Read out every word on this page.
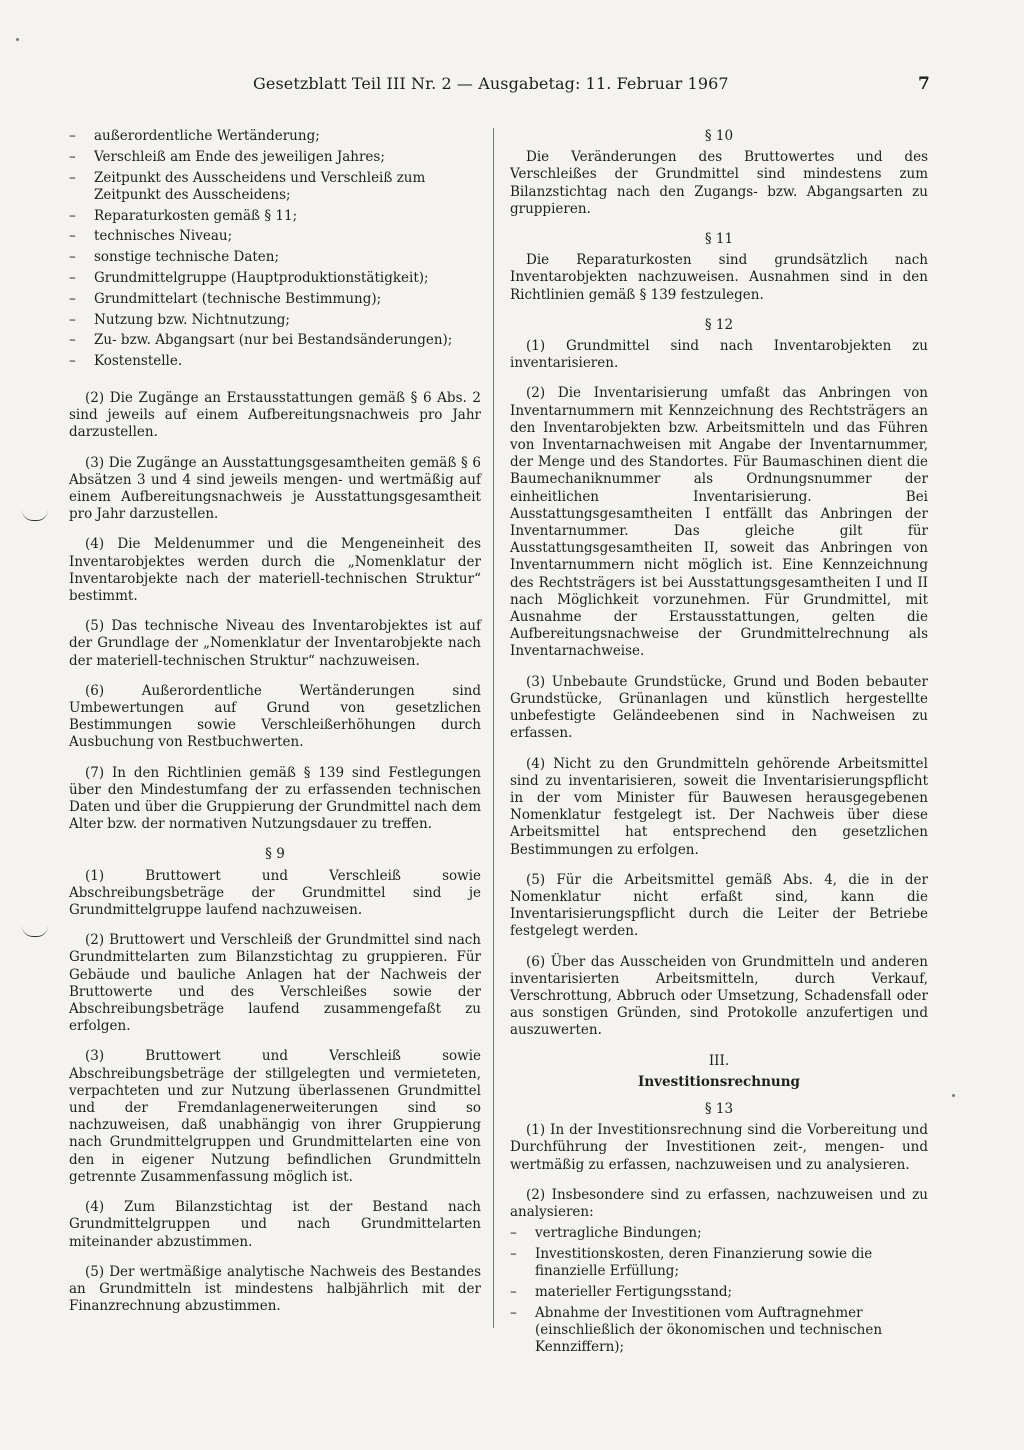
Gesetzblatt Teil III Nr. 2 — Ausgabetag: 11. Februar 1967	7
– außerordentliche Wertänderung;
– Verschleiß am Ende des jeweiligen Jahres;
– Zeitpunkt des Ausscheidens und Verschleiß zum Zeitpunkt des Ausscheidens;
– Reparaturkosten gemäß § 11;
– technisches Niveau;
– sonstige technische Daten;
– Grundmittelgruppe (Hauptproduktionstätigkeit);
– Grundmittelart (technische Bestimmung);
– Nutzung bzw. Nichtnutzung;
– Zu- bzw. Abgangsart (nur bei Bestandsänderungen);
– Kostenstelle.

(2) Die Zugänge an Erstausstattungen gemäß § 6 Abs. 2 sind jeweils auf einem Aufbereitungsnachweis pro Jahr darzustellen.

(3) Die Zugänge an Ausstattungsgesamtheiten gemäß § 6 Absätzen 3 und 4 sind jeweils mengen- und wertmäßig auf einem Aufbereitungsnachweis je Ausstattungsgesamtheit pro Jahr darzustellen.

(4) Die Meldenummer und die Mengeneinheit des Inventarobjektes werden durch die „Nomenklatur der Inventarobjekte nach der materiell-technischen Struktur“ bestimmt.

(5) Das technische Niveau des Inventarobjektes ist auf der Grundlage der „Nomenklatur der Inventarobjekte nach der materiell-technischen Struktur“ nachzuweisen.

(6) Außerordentliche Wertänderungen sind Umbewertungen auf Grund von gesetzlichen Bestimmungen sowie Verschleißerhöhungen durch Ausbuchung von Restbuchwerten.

(7) In den Richtlinien gemäß § 139 sind Festlegungen über den Mindestumfang der zu erfassenden technischen Daten und über die Gruppierung der Grundmittel nach dem Alter bzw. der normativen Nutzungsdauer zu treffen.

§ 9

(1) Bruttowert und Verschleiß sowie Abschreibungsbeträge der Grundmittel sind je Grundmittelgruppe laufend nachzuweisen.

(2) Bruttowert und Verschleiß der Grundmittel sind nach Grundmittelarten zum Bilanzstichtag zu gruppieren. Für Gebäude und bauliche Anlagen hat der Nachweis der Bruttowerte und des Verschleißes sowie der Abschreibungsbeträge laufend zusammengefaßt zu erfolgen.

(3) Bruttowert und Verschleiß sowie Abschreibungsbeträge der stillgelegten und vermieteten, verpachteten und zur Nutzung überlassenen Grundmittel und der Fremdanlagenerweiterungen sind so nachzuweisen, daß unabhängig von ihrer Gruppierung nach Grundmittelgruppen und Grundmittelarten eine von den in eigener Nutzung befindlichen Grundmitteln getrennte Zusammenfassung möglich ist.

(4) Zum Bilanzstichtag ist der Bestand nach Grundmittelgruppen und nach Grundmittelarten miteinander abzustimmen.

(5) Der wertmäßige analytische Nachweis des Bestandes an Grundmitteln ist mindestens halbjährlich mit der Finanzrechnung abzustimmen.

§ 10

Die Veränderungen des Bruttowertes und des Verschleißes der Grundmittel sind mindestens zum Bilanzstichtag nach den Zugangs- bzw. Abgangsarten zu gruppieren.

§ 11

Die Reparaturkosten sind grundsätzlich nach Inventarobjekten nachzuweisen. Ausnahmen sind in den Richtlinien gemäß § 139 festzulegen.

§ 12

(1) Grundmittel sind nach Inventarobjekten zu inventarisieren.

(2) Die Inventarisierung umfaßt das Anbringen von Inventarnummern mit Kennzeichnung des Rechtsträgers an den Inventarobjekten bzw. Arbeitsmitteln und das Führen von Inventarnachweisen mit Angabe der Inventarnummer, der Menge und des Standortes. Für Baumaschinen dient die Baumechaniknummer als Ordnungsnummer der einheitlichen Inventarisierung. Bei Ausstattungsgesamtheiten I entfällt das Anbringen der Inventarnummer. Das gleiche gilt für Ausstattungsgesamtheiten II, soweit das Anbringen von Inventarnummern nicht möglich ist. Eine Kennzeichnung des Rechtsträgers ist bei Ausstattungsgesamtheiten I und II nach Möglichkeit vorzunehmen. Für Grundmittel, mit Ausnahme der Erstausstattungen, gelten die Aufbereitungsnachweise der Grundmittelrechnung als Inventarnachweise.

(3) Unbebaute Grundstücke, Grund und Boden bebauter Grundstücke, Grünanlagen und künstlich hergestellte unbefestigte Geländeebenen sind in Nachweisen zu erfassen.

(4) Nicht zu den Grundmitteln gehörende Arbeitsmittel sind zu inventarisieren, soweit die Inventarisierungspflicht in der vom Minister für Bauwesen herausgegebenen Nomenklatur festgelegt ist. Der Nachweis über diese Arbeitsmittel hat entsprechend den gesetzlichen Bestimmungen zu erfolgen.

(5) Für die Arbeitsmittel gemäß Abs. 4, die in der Nomenklatur nicht erfaßt sind, kann die Inventarisierungspflicht durch die Leiter der Betriebe festgelegt werden.

(6) Über das Ausscheiden von Grundmitteln und anderen inventarisierten Arbeitsmitteln, durch Verkauf, Verschrottung, Abbruch oder Umsetzung, Schadensfall oder aus sonstigen Gründen, sind Protokolle anzufertigen und auszuwerten.

III.
Investitionsrechnung
§ 13

(1) In der Investitionsrechnung sind die Vorbereitung und Durchführung der Investitionen zeit-, mengen- und wertmäßig zu erfassen, nachzuweisen und zu analysieren.

(2) Insbesondere sind zu erfassen, nachzuweisen und zu analysieren:

– vertragliche Bindungen;
– Investitionskosten, deren Finanzierung sowie die finanzielle Erfüllung;
– materieller Fertigungsstand;
– Abnahme der Investitionen vom Auftragnehmer (einschließlich der ökonomischen und technischen Kennziffern);
